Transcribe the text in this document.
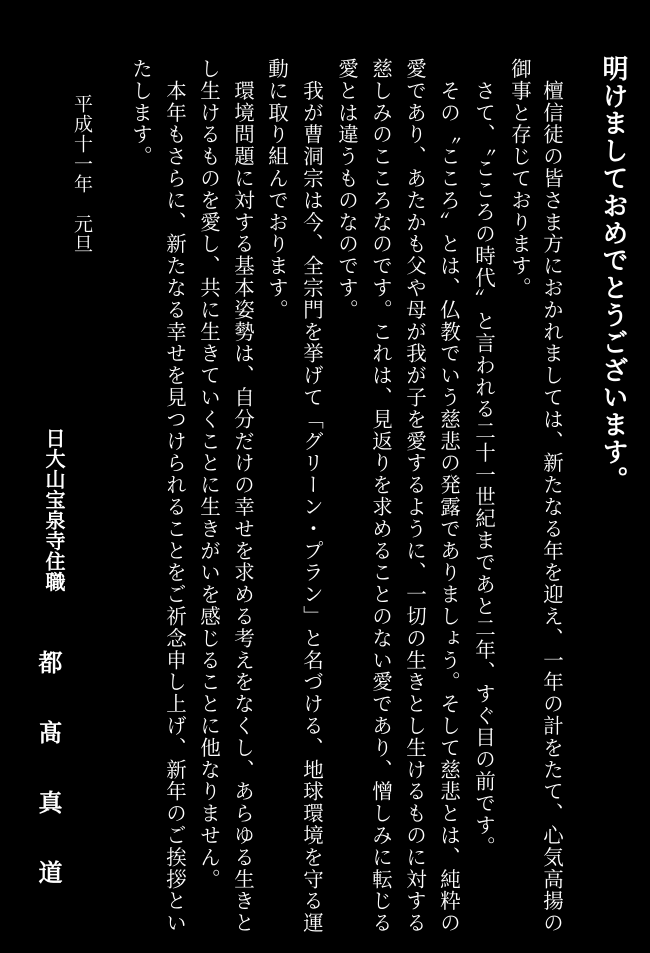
明けましておめでとうございます。
　檀信徒の皆さま方におかれましては、新たなる年を迎え、一年の計をたて、心気高揚の
御事と存じております。
　さて、〝こころの時代〟と言われる二十一世紀まであと二年、すぐ目の前です。
　その〝こころ〟とは、仏教でいう慈悲の発露でありましょう。そして慈悲とは、純粋の
愛であり、あたかも父や母が我が子を愛するように、一切の生きとし生けるものに対する
慈しみのこころなのです。これは、見返りを求めることのない愛であり、憎しみに転じる
愛とは違うものなのです。
　我が曹洞宗は今、全宗門を挙げて「グリーン・プラン」と名づける、地球環境を守る運
動に取り組んでおります。
　環境問題に対する基本姿勢は、自分だけの幸せを求める考えをなくし、あらゆる生きと
し生けるものを愛し、共に生きていくことに生きがいを感じることに他なりません。
　本年もさらに、新たなる幸せを見つけられることをご祈念申し上げ、新年のご挨拶とい
たします。
平成十一年　元旦
日大山宝泉寺住職
都髙真道
